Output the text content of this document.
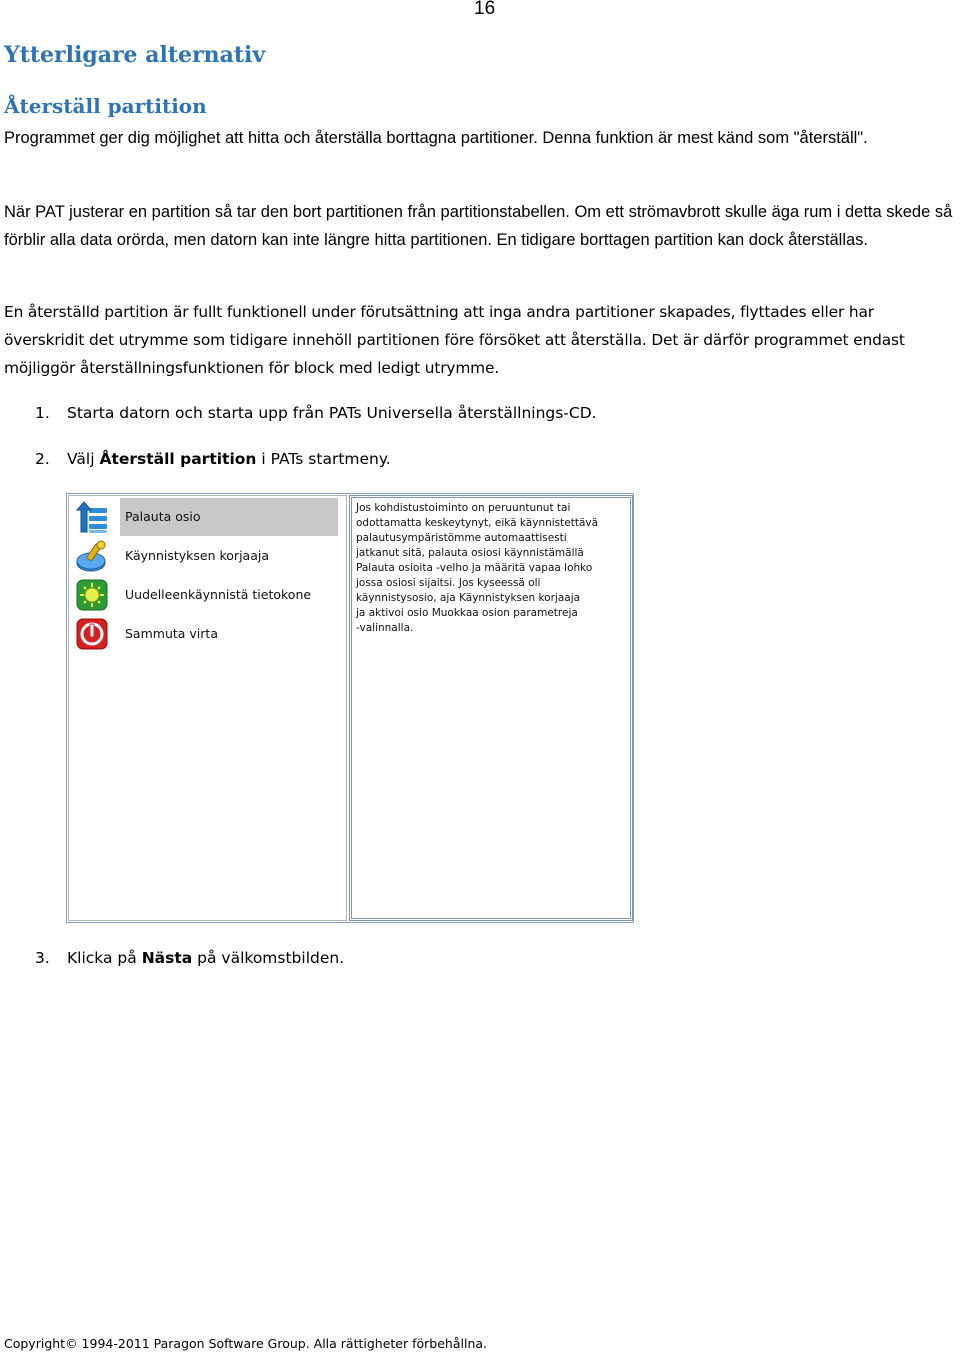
16
Ytterligare alternativ
Återställ partition

Programmet ger dig möjlighet att hitta och återställa borttagna partitioner. Denna funktion är mest känd som "återställ".

När PAT justerar en partition så tar den bort partitionen från partitionstabellen. Om ett strömavbrott skulle äga rum i detta skede så förblir alla data orörda, men datorn kan inte längre hitta partitionen. En tidigare borttagen partition kan dock återställas.

En återställd partition är fullt funktionell under förutsättning att inga andra partitioner skapades, flyttades eller har överskridit det utrymme som tidigare innehöll partitionen före försöket att återställa. Det är därför programmet endast möjliggör återställningsfunktionen för block med ledigt utrymme.

1. Starta datorn och starta upp från PATs Universella återställnings-CD.

2. Välj Återställ partition i PATs startmeny.

Palauta osio
Käynnistyksen korjaaja
Uudelleenkäynnistä tietokone
Sammuta virta

Jos kohdistustoiminto on peruuntunut tai
odottamatta keskeytynyt, eikä käynnistettävä
palautusympäristömme automaattisesti
jatkanut sitä, palauta osiosi käynnistämällä
Palauta osioita -velho ja määritä vapaa lohko
jossa osiosi sijaitsi. Jos kyseessä oli
käynnistysosio, aja Käynnistyksen korjaaja
ja aktivoi osio Muokkaa osion parametreja
-valinnalla.

3. Klicka på Nästa på välkomstbilden.

Copyright© 1994-2011 Paragon Software Group. Alla rättigheter förbehållna.
